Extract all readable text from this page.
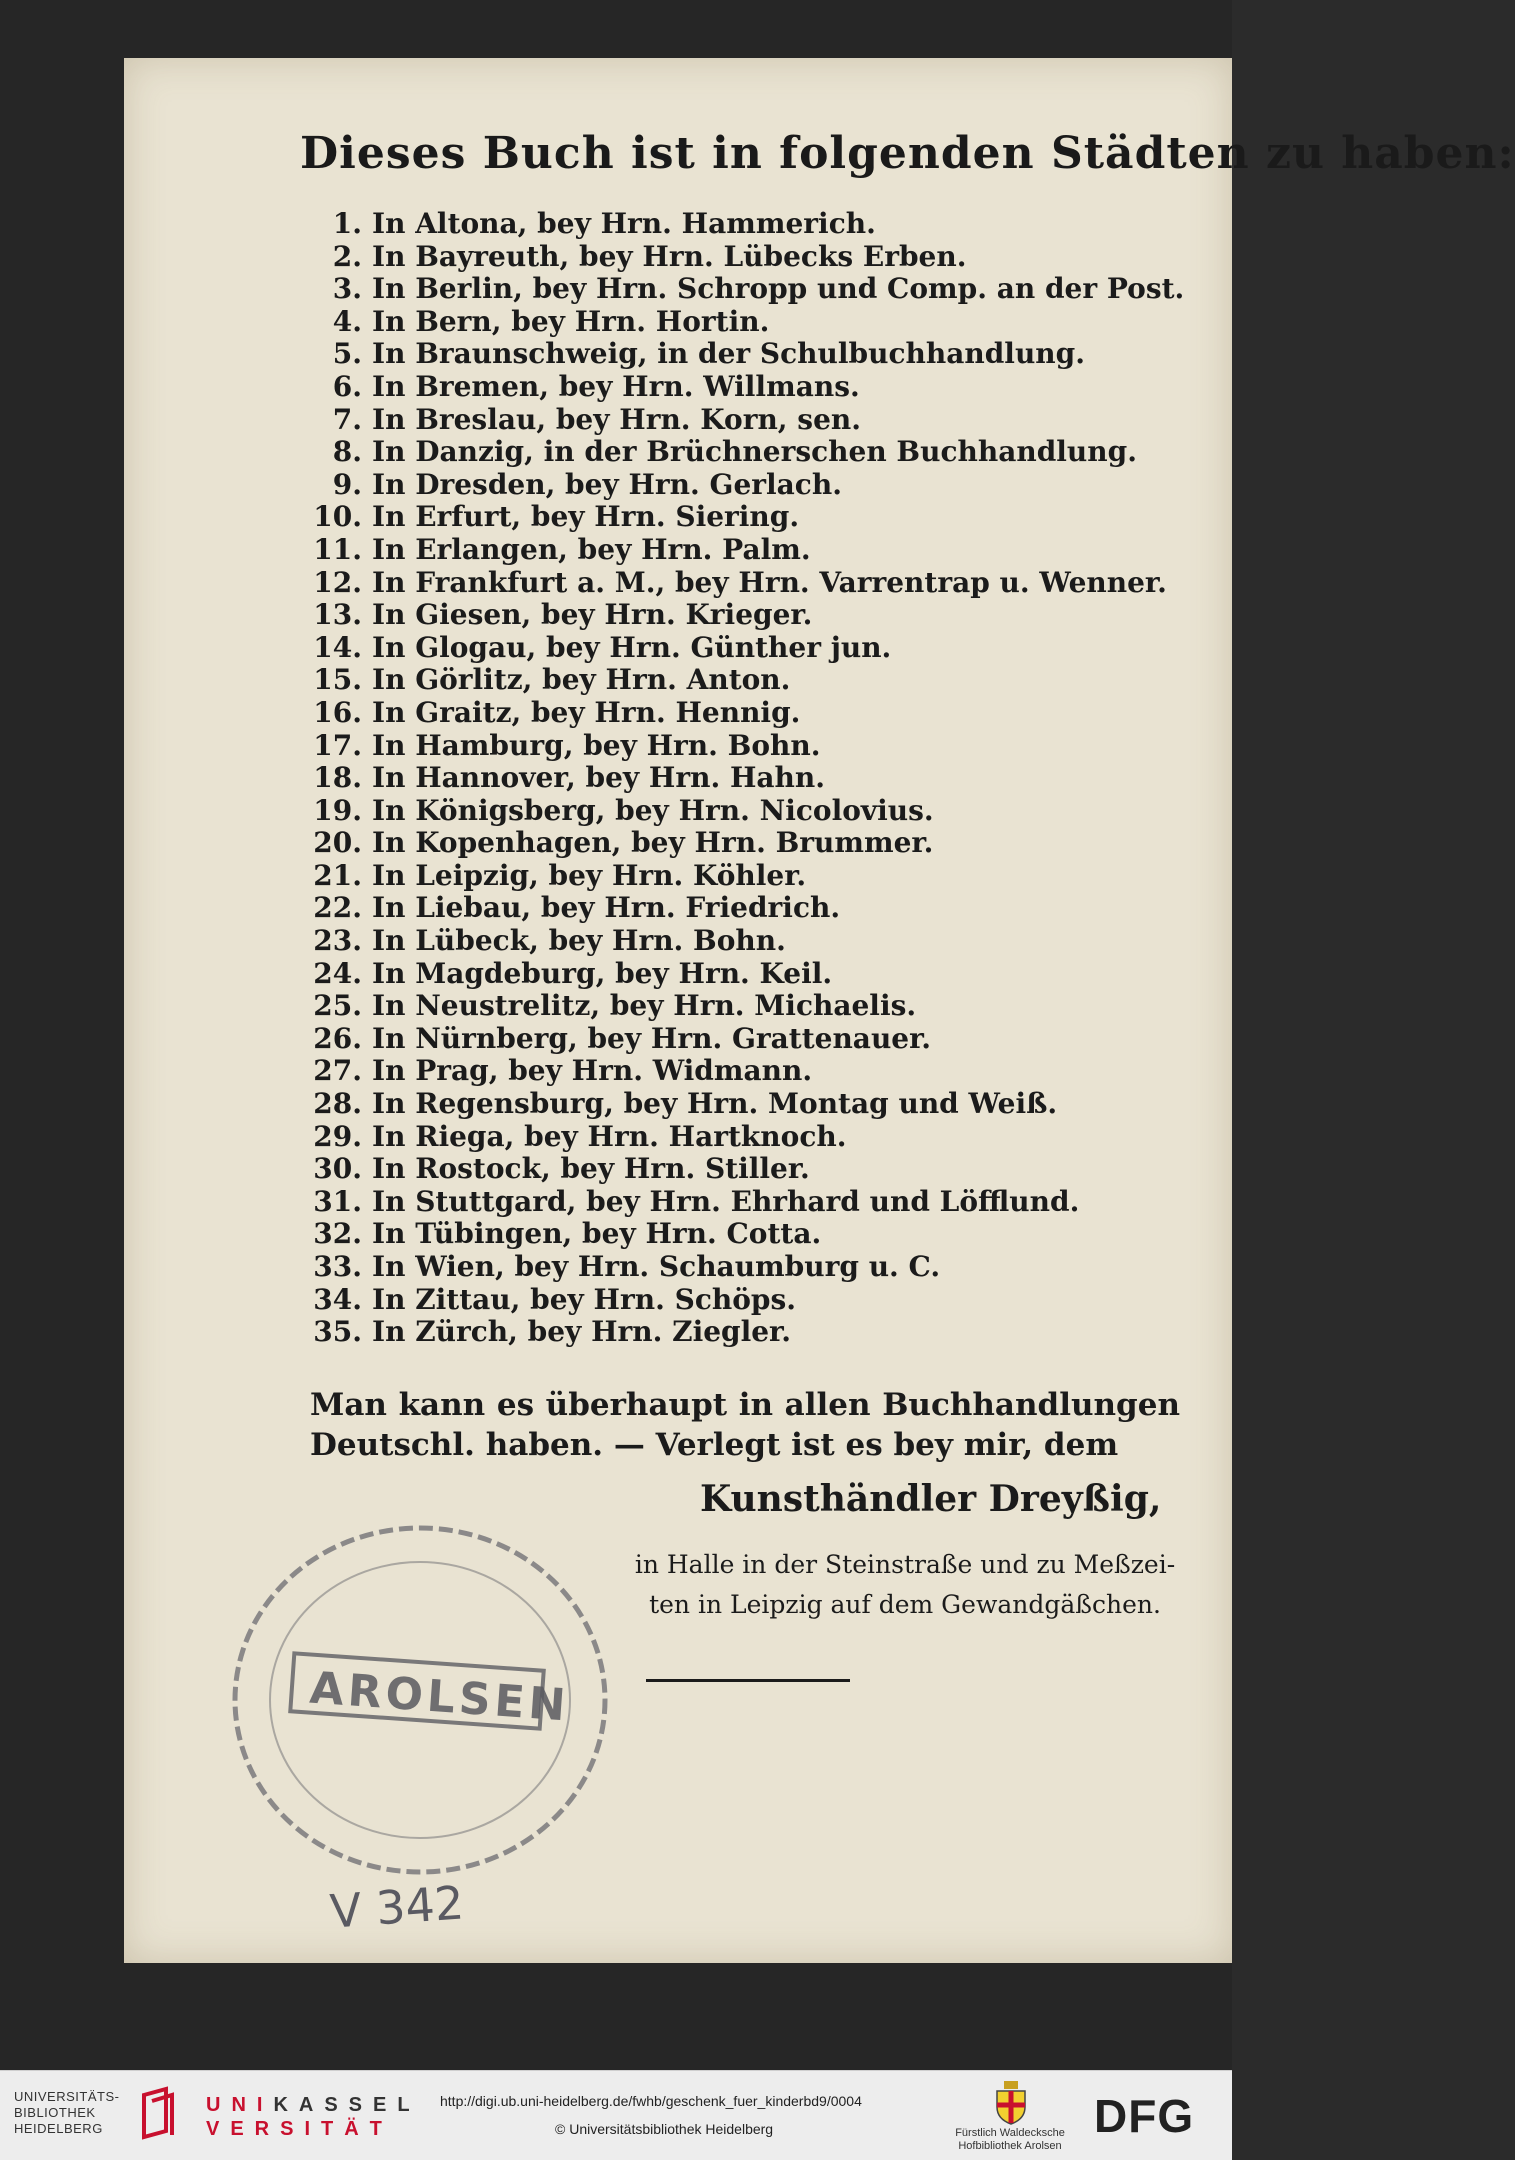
Dieses Buch ist in folgenden Städten zu haben:
1. In Altona, bey Hrn. Hammerich.
2. In Bayreuth, bey Hrn. Lübecks Erben.
3. In Berlin, bey Hrn. Schropp und Comp. an der Post.
4. In Bern, bey Hrn. Hortin.
5. In Braunschweig, in der Schulbuchhandlung.
6. In Bremen, bey Hrn. Willmans.
7. In Breslau, bey Hrn. Korn, sen.
8. In Danzig, in der Brüchnerschen Buchhandlung.
9. In Dresden, bey Hrn. Gerlach.
10. In Erfurt, bey Hrn. Siering.
11. In Erlangen, bey Hrn. Palm.
12. In Frankfurt a. M., bey Hrn. Varrentrap u. Wenner.
13. In Giesen, bey Hrn. Krieger.
14. In Glogau, bey Hrn. Günther jun.
15. In Görlitz, bey Hrn. Anton.
16. In Graitz, bey Hrn. Hennig.
17. In Hamburg, bey Hrn. Bohn.
18. In Hannover, bey Hrn. Hahn.
19. In Königsberg, bey Hrn. Nicolovius.
20. In Kopenhagen, bey Hrn. Brummer.
21. In Leipzig, bey Hrn. Köhler.
22. In Liebau, bey Hrn. Friedrich.
23. In Lübeck, bey Hrn. Bohn.
24. In Magdeburg, bey Hrn. Keil.
25. In Neustrelitz, bey Hrn. Michaelis.
26. In Nürnberg, bey Hrn. Grattenauer.
27. In Prag, bey Hrn. Widmann.
28. In Regensburg, bey Hrn. Montag und Weiß.
29. In Riega, bey Hrn. Hartknoch.
30. In Rostock, bey Hrn. Stiller.
31. In Stuttgard, bey Hrn. Ehrhard und Löfflund.
32. In Tübingen, bey Hrn. Cotta.
33. In Wien, bey Hrn. Schaumburg u. C.
34. In Zittau, bey Hrn. Schöps.
35. In Zürch, bey Hrn. Ziegler.
Man kann es überhaupt in allen Buchhandlungen
Deutschl. haben. — Verlegt ist es bey mir, dem
Kunsthändler Dreyßig,
in Halle in der Steinstraße und zu Meßzei-
ten in Leipzig auf dem Gewandgäßchen.
AROLSEN
V 342
UNIVERSITÄTS-
BIBLIOTHEK
HEIDELBERG
UNIKASSEL
VERSITÄT
http://digi.ub.uni-heidelberg.de/fwhb/geschenk_fuer_kinderbd9/0004
© Universitätsbibliothek Heidelberg	Fürstlich Waldecksche
Hofbibliothek Arolsen
DFG
